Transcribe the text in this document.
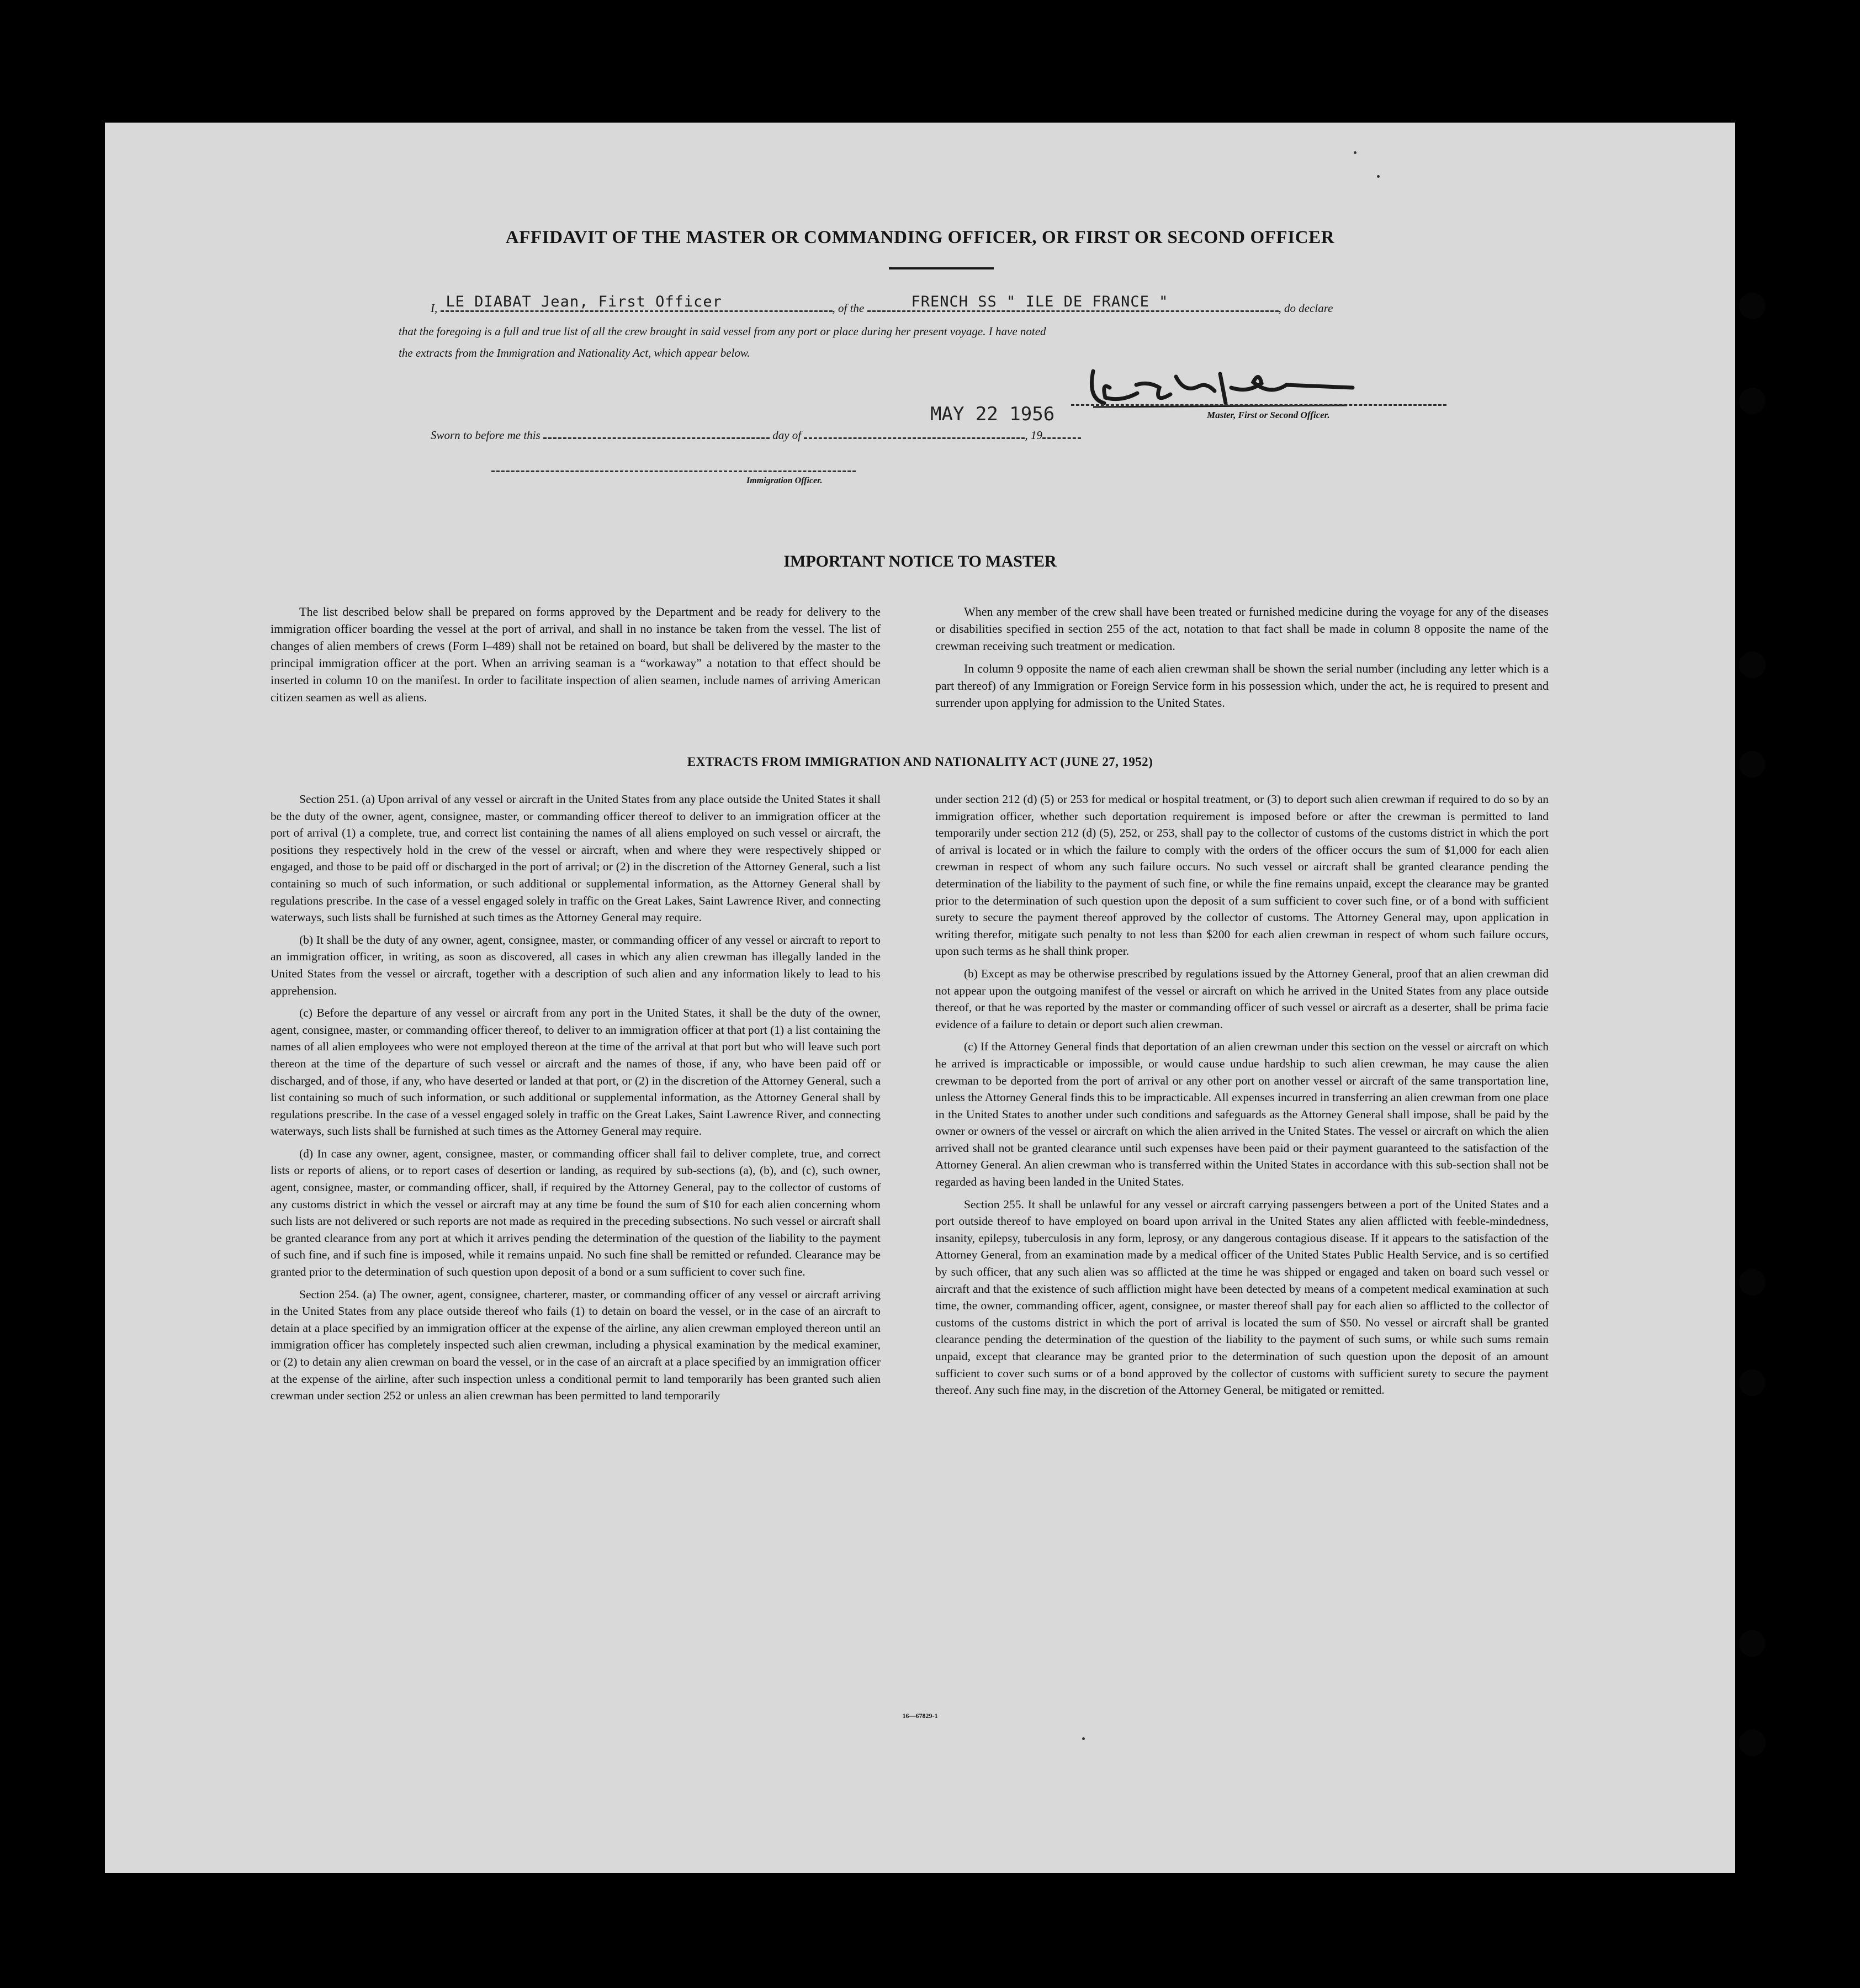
AFFIDAVIT OF THE MASTER OR COMMANDING OFFICER, OR FIRST OR SECOND OFFICER
I, LE DIABAT Jean, First Officer	, of the	FRENCH SS " ILE DE FRANCE "	, do declare
that the foregoing is a full and true list of all the crew brought in said vessel from any port or place during her present voyage. I have noted
the extracts from the Immigration and Nationality Act, which appear below.
Master, First or Second Officer.
MAY 22 1956
Sworn to before me this	day of	, 19
Immigration Officer.
IMPORTANT NOTICE TO MASTER

The list described below shall be prepared on forms approved by the Department and be ready for delivery to the immigration officer boarding the vessel at the port of arrival, and shall in no instance be taken from the vessel. The list of changes of alien members of crews (Form I–489) shall not be retained on board, but shall be delivered by the master to the principal immigration officer at the port. When an arriving seaman is a “workaway” a notation to that effect should be inserted in column 10 on the manifest. In order to facilitate inspection of alien seamen, include names of arriving American citizen seamen as well as aliens.

When any member of the crew shall have been treated or furnished medicine during the voyage for any of the diseases or disabilities specified in section 255 of the act, notation to that fact shall be made in column 8 opposite the name of the crewman receiving such treatment or medication.

In column 9 opposite the name of each alien crewman shall be shown the serial number (including any letter which is a part thereof) of any Immigration or Foreign Service form in his possession which, under the act, he is required to present and surrender upon applying for admission to the United States.

EXTRACTS FROM IMMIGRATION AND NATIONALITY ACT (JUNE 27, 1952)

Section 251. (a) Upon arrival of any vessel or aircraft in the United States from any place outside the United States it shall be the duty of the owner, agent, consignee, master, or commanding officer thereof to deliver to an immigration officer at the port of arrival (1) a complete, true, and correct list containing the names of all aliens employed on such vessel or aircraft, the positions they respectively hold in the crew of the vessel or aircraft, when and where they were respectively shipped or engaged, and those to be paid off or discharged in the port of arrival; or (2) in the discretion of the Attorney General, such a list containing so much of such information, or such additional or supplemental information, as the Attorney General shall by regulations prescribe. In the case of a vessel engaged solely in traffic on the Great Lakes, Saint Lawrence River, and connecting waterways, such lists shall be furnished at such times as the Attorney General may require.

(b) It shall be the duty of any owner, agent, consignee, master, or commanding officer of any vessel or aircraft to report to an immigration officer, in writing, as soon as discovered, all cases in which any alien crewman has illegally landed in the United States from the vessel or aircraft, together with a description of such alien and any information likely to lead to his apprehension.

(c) Before the departure of any vessel or aircraft from any port in the United States, it shall be the duty of the owner, agent, consignee, master, or commanding officer thereof, to deliver to an immigration officer at that port (1) a list containing the names of all alien employees who were not employed thereon at the time of the arrival at that port but who will leave such port thereon at the time of the departure of such vessel or aircraft and the names of those, if any, who have been paid off or discharged, and of those, if any, who have deserted or landed at that port, or (2) in the discretion of the Attorney General, such a list containing so much of such information, or such additional or supplemental information, as the Attorney General shall by regulations prescribe. In the case of a vessel engaged solely in traffic on the Great Lakes, Saint Lawrence River, and connecting waterways, such lists shall be furnished at such times as the Attorney General may require.

(d) In case any owner, agent, consignee, master, or commanding officer shall fail to deliver complete, true, and correct lists or reports of aliens, or to report cases of desertion or landing, as required by sub-sections (a), (b), and (c), such owner, agent, consignee, master, or commanding officer, shall, if required by the Attorney General, pay to the collector of customs of any customs district in which the vessel or aircraft may at any time be found the sum of $10 for each alien concerning whom such lists are not delivered or such reports are not made as required in the preceding subsections. No such vessel or aircraft shall be granted clearance from any port at which it arrives pending the determination of the question of the liability to the payment of such fine, and if such fine is imposed, while it remains unpaid. No such fine shall be remitted or refunded. Clearance may be granted prior to the determination of such question upon deposit of a bond or a sum sufficient to cover such fine.

Section 254. (a) The owner, agent, consignee, charterer, master, or commanding officer of any vessel or aircraft arriving in the United States from any place outside thereof who fails (1) to detain on board the vessel, or in the case of an aircraft to detain at a place specified by an immigration officer at the expense of the airline, any alien crewman employed thereon until an immigration officer has completely inspected such alien crewman, including a physical examination by the medical examiner, or (2) to detain any alien crewman on board the vessel, or in the case of an aircraft at a place specified by an immigration officer at the expense of the airline, after such inspection unless a conditional permit to land temporarily has been granted such alien crewman under section 252 or unless an alien crewman has been permitted to land temporarily

under section 212 (d) (5) or 253 for medical or hospital treatment, or (3) to deport such alien crewman if required to do so by an immigration officer, whether such deportation requirement is imposed before or after the crewman is permitted to land temporarily under section 212 (d) (5), 252, or 253, shall pay to the collector of customs of the customs district in which the port of arrival is located or in which the failure to comply with the orders of the officer occurs the sum of $1,000 for each alien crewman in respect of whom any such failure occurs. No such vessel or aircraft shall be granted clearance pending the determination of the liability to the payment of such fine, or while the fine remains unpaid, except the clearance may be granted prior to the determination of such question upon the deposit of a sum sufficient to cover such fine, or of a bond with sufficient surety to secure the payment thereof approved by the collector of customs. The Attorney General may, upon application in writing therefor, mitigate such penalty to not less than $200 for each alien crewman in respect of whom such failure occurs, upon such terms as he shall think proper.

(b) Except as may be otherwise prescribed by regulations issued by the Attorney General, proof that an alien crewman did not appear upon the outgoing manifest of the vessel or aircraft on which he arrived in the United States from any place outside thereof, or that he was reported by the master or commanding officer of such vessel or aircraft as a deserter, shall be prima facie evidence of a failure to detain or deport such alien crewman.

(c) If the Attorney General finds that deportation of an alien crewman under this section on the vessel or aircraft on which he arrived is impracticable or impossible, or would cause undue hardship to such alien crewman, he may cause the alien crewman to be deported from the port of arrival or any other port on another vessel or aircraft of the same transportation line, unless the Attorney General finds this to be impracticable. All expenses incurred in transferring an alien crewman from one place in the United States to another under such conditions and safeguards as the Attorney General shall impose, shall be paid by the owner or owners of the vessel or aircraft on which the alien arrived in the United States. The vessel or aircraft on which the alien arrived shall not be granted clearance until such expenses have been paid or their payment guaranteed to the satisfaction of the Attorney General. An alien crewman who is transferred within the United States in accordance with this sub-section shall not be regarded as having been landed in the United States.

Section 255. It shall be unlawful for any vessel or aircraft carrying passengers between a port of the United States and a port outside thereof to have employed on board upon arrival in the United States any alien afflicted with feeble-mindedness, insanity, epilepsy, tuberculosis in any form, leprosy, or any dangerous contagious disease. If it appears to the satisfaction of the Attorney General, from an examination made by a medical officer of the United States Public Health Service, and is so certified by such officer, that any such alien was so afflicted at the time he was shipped or engaged and taken on board such vessel or aircraft and that the existence of such affliction might have been detected by means of a competent medical examination at such time, the owner, commanding officer, agent, consignee, or master thereof shall pay for each alien so afflicted to the collector of customs of the customs district in which the port of arrival is located the sum of $50. No vessel or aircraft shall be granted clearance pending the determination of the question of the liability to the payment of such sums, or while such sums remain unpaid, except that clearance may be granted prior to the determination of such question upon the deposit of an amount sufficient to cover such sums or of a bond approved by the collector of customs with sufficient surety to secure the payment thereof. Any such fine may, in the discretion of the Attorney General, be mitigated or remitted.

16—67829-1
